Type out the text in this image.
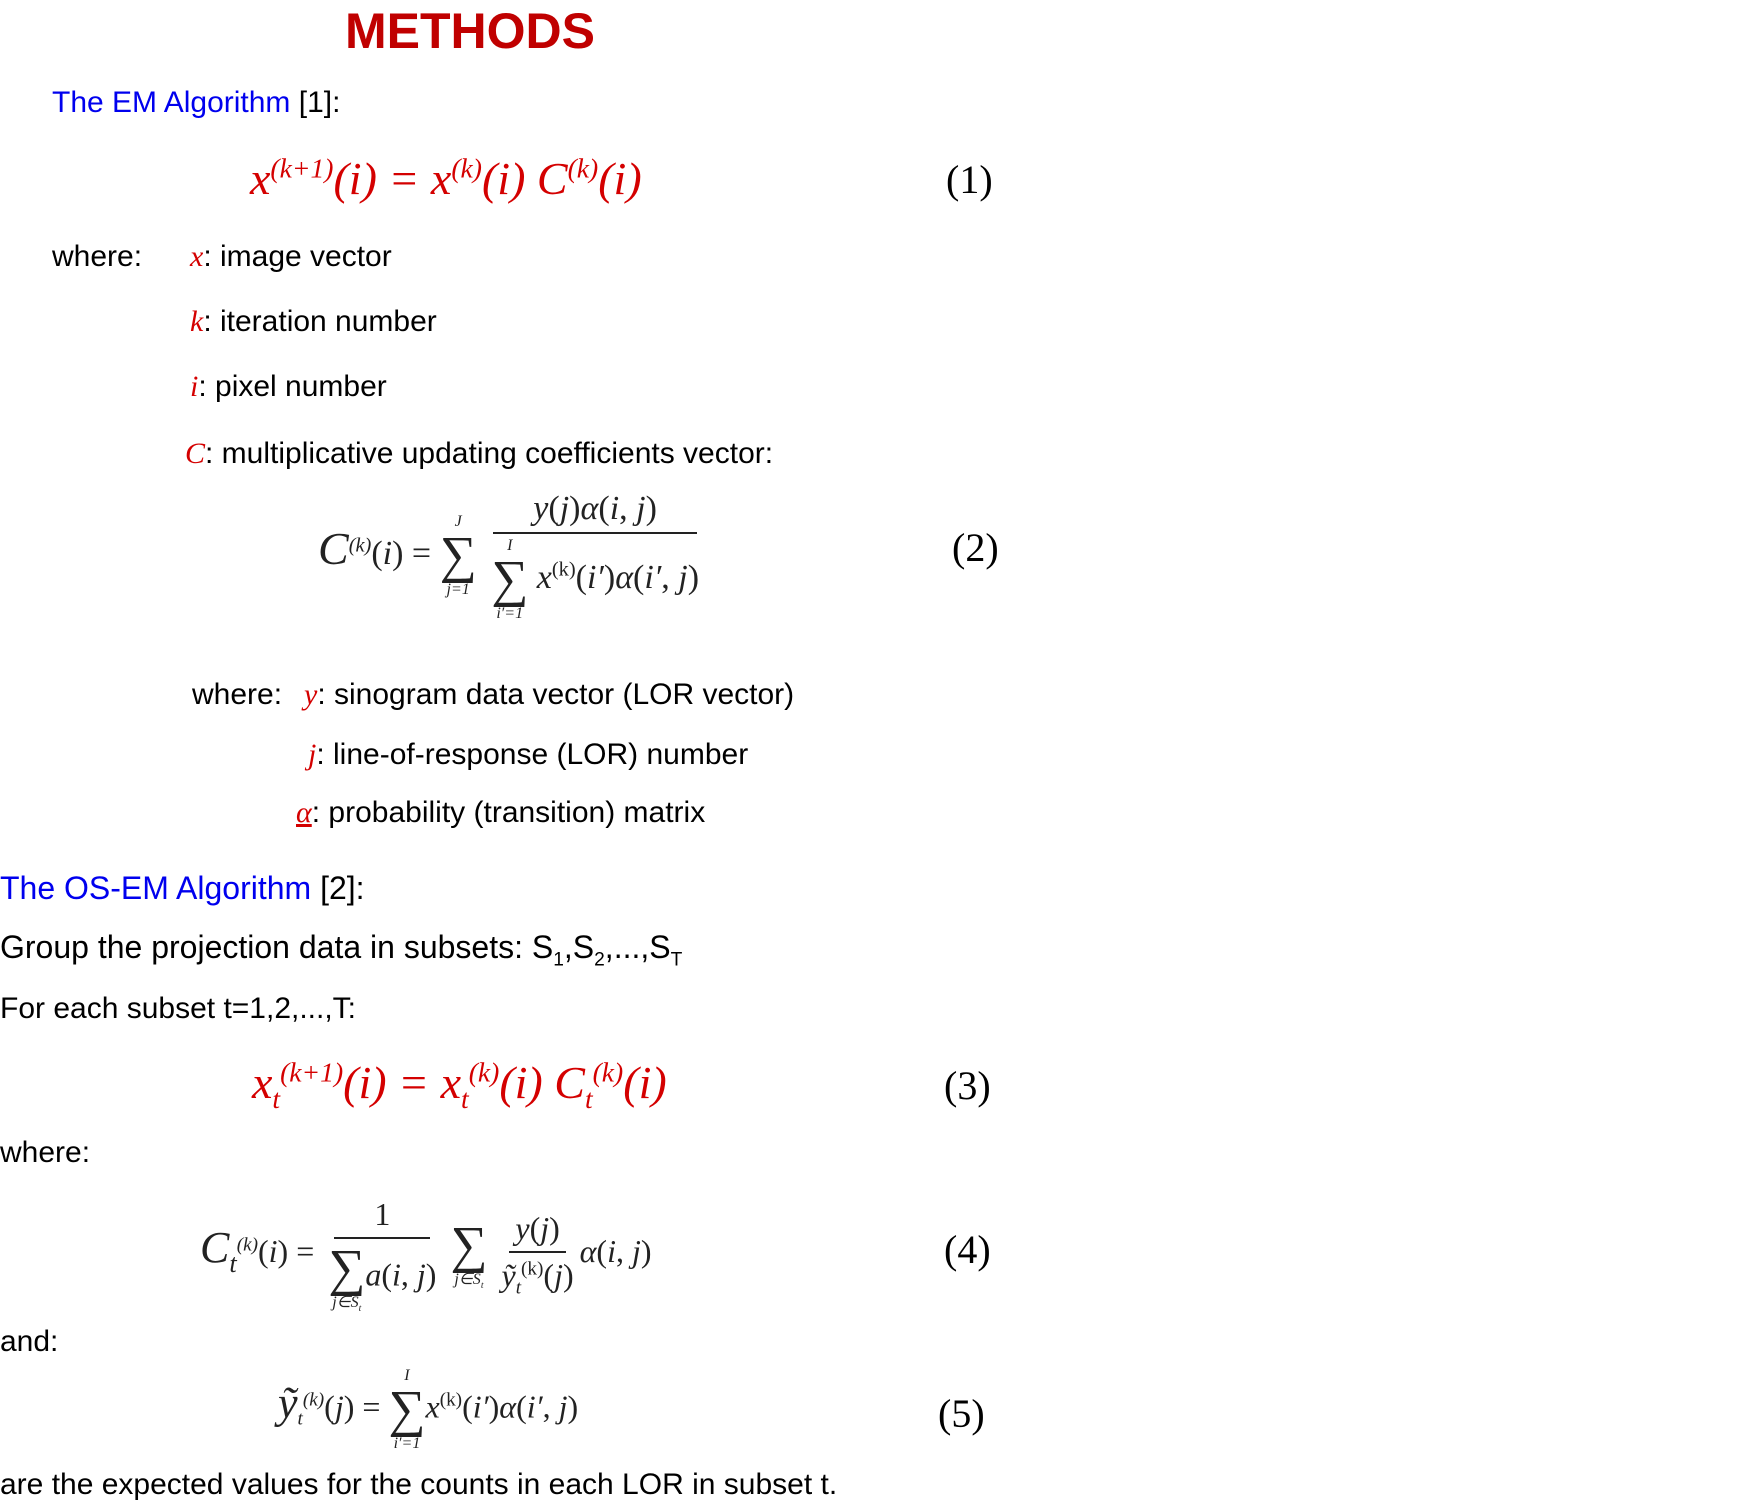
METHODS
The EM Algorithm [1]:
$x^{(k+1)}(i) = x^{(k)}(i)$ $C^{(k)}(i)$	(1)
where: x: image vector
k: iteration number
i: pixel number
C: multiplicative updating coefficients vector:
$C^{(k)}(i)$ =
J
∑
j=1
y(j)α(i, j)
I
∑
i′=1
$x^{(k)}(i')\alpha(i'$, j)	(2)
where: y: sinogram data vector (LOR vector)
j: line-of-response (LOR) number
α: probability (transition) matrix
The OS-EM Algorithm [2]:
Group the projection data in subsets: $S_1,S_2,...,S_T$
For each subset t=1,2,...,T:
$x_t^{(k+1)}(i) = x_t^{(k)}(i)$ $C_t^{(k)}(i)$	(3)
where:
$C_t^{(k)}(i) = 1$
∑
$j\in S_t$
a(i, j)
∑
$j\in S_t$
$\frac{y(j)}{ỹ_t^{(k)}(j)} \alpha(i$, j)	(4)
and:
ỹ$_t^{(k)}$(j) =
I
∑
i′=1
$x^{(k)}(i')\alpha(i'$, j)	(5)
are the expected values for the counts in each LOR in subset t.
